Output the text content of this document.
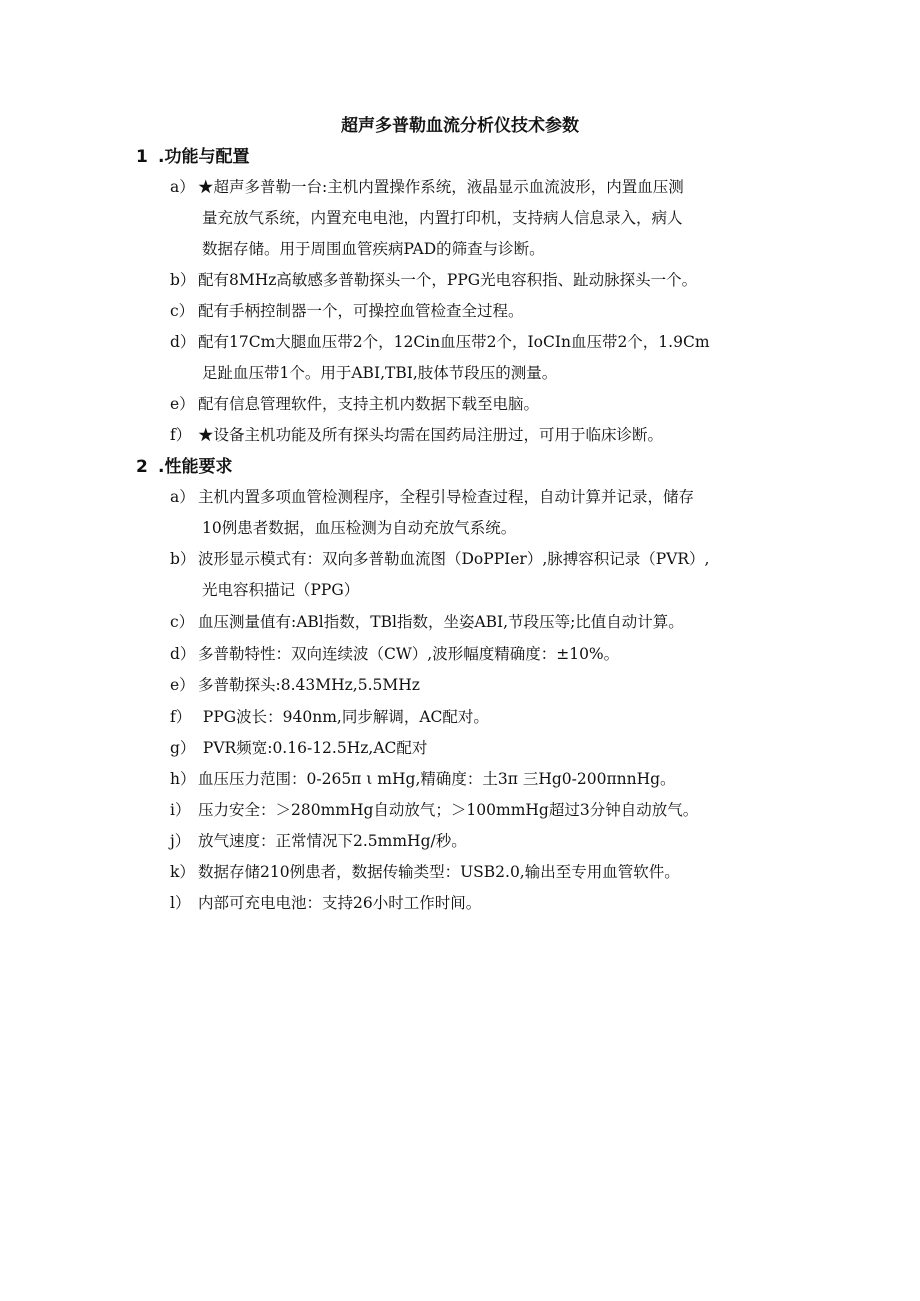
超声多普勒血流分析仪技术参数
1 .功能与配置
a） ★超声多普勒一台:主机内置操作系统，液晶显示血流波形，内置血压测
量充放气系统，内置充电电池，内置打印机，支持病人信息录入，病人
数据存储。用于周围血管疾病PAD的筛查与诊断。
b） 配有8MHz高敏感多普勒探头一个，PPG光电容积指、趾动脉探头一个。
c） 配有手柄控制器一个，可操控血管检查全过程。
d） 配有17Cm大腿血压带2个，12Cin血压带2个，IoCIn血压带2个，1.9Cm
足趾血压带1个。用于ABI,TBI,肢体节段压的测量。
e） 配有信息管理软件，支持主机内数据下载至电脑。
f） ★设备主机功能及所有探头均需在国药局注册过，可用于临床诊断。
2 .性能要求
a） 主机内置多项血管检测程序，全程引导检查过程，自动计算并记录，储存
10例患者数据，血压检测为自动充放气系统。
b） 波形显示模式有：双向多普勒血流图（DoPPIer）,脉搏容积记录（PVR）,
光电容积描记（PPG）
c） 血压测量值有:ABl指数，TBl指数，坐姿ABI,节段压等;比值自动计算。
d） 多普勒特性：双向连续波（CW）,波形幅度精确度：±10%。
e） 多普勒探头:8.43MHz,5.5MHz
f） PPG波长：940nm,同步解调，AC配对。
g） PVR频宽:0.16-12.5Hz,AC配对
h） 血压压力范围：0-265π ι mHg,精确度：土3π 三Hg0-200πnnHg。
i） 压力安全：＞280mmHg自动放气；＞100mmHg超过3分钟自动放气。
j） 放气速度：正常情况下2.5mmHg/秒。
k） 数据存储210例患者，数据传输类型：USB2.0,输出至专用血管软件。
l） 内部可充电电池：支持26小时工作时间。
